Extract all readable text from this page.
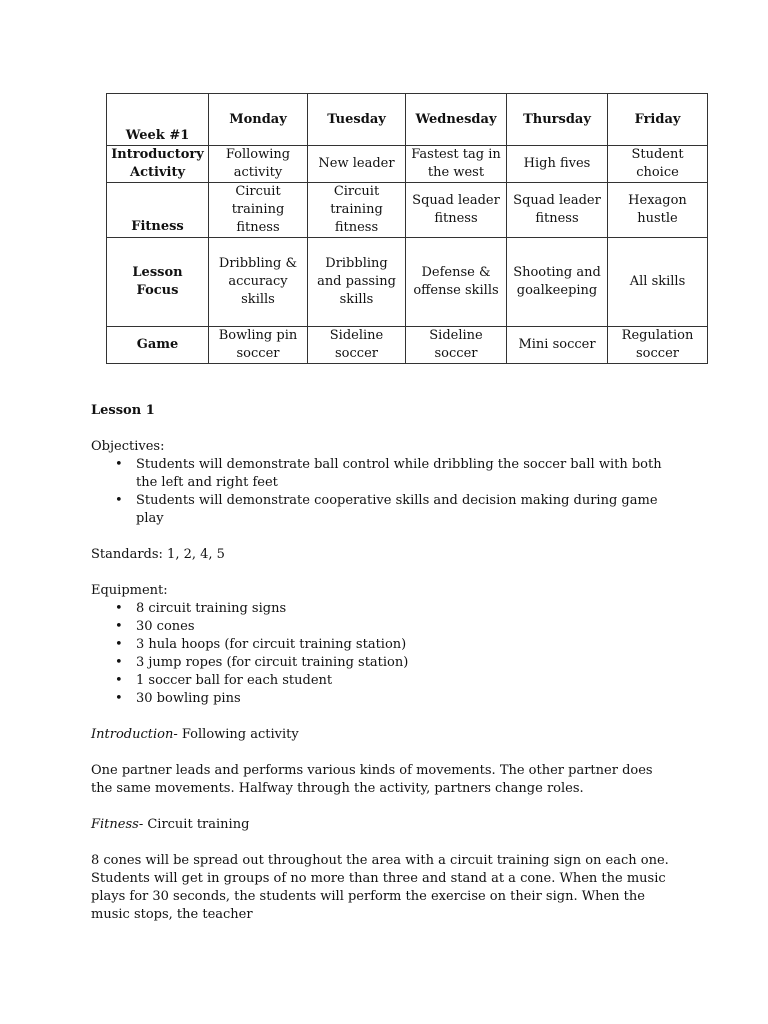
Week #1	Monday	Tuesday	Wednesday	Thursday	Friday
Introductory Activity	Following activity	New leader	Fastest tag in the west	High fives	Student choice
Fitness	Circuit training fitness	Circuit training fitness	Squad leader fitness	Squad leader fitness	Hexagon hustle
Lesson Focus	Dribbling & accuracy skills	Dribbling and passing skills	Defense & offense skills	Shooting and goalkeeping	All skills
Game	Bowling pin soccer	Sideline soccer	Sideline soccer	Mini soccer	Regulation soccer

Lesson 1

Objectives:

• Students will demonstrate ball control while dribbling the soccer ball with both the left and right feet
• Students will demonstrate cooperative skills and decision making during game play

Standards: 1, 2, 4, 5

Equipment:

• 8 circuit training signs
• 30 cones
• 3 hula hoops (for circuit training station)
• 3 jump ropes (for circuit training station)
• 1 soccer ball for each student
• 30 bowling pins

Introduction- Following activity

One partner leads and performs various kinds of movements. The other partner does the same movements. Halfway through the activity, partners change roles.

Fitness- Circuit training

8 cones will be spread out throughout the area with a circuit training sign on each one. Students will get in groups of no more than three and stand at a cone. When the music plays for 30 seconds, the students will perform the exercise on their sign. When the music stops, the teacher
